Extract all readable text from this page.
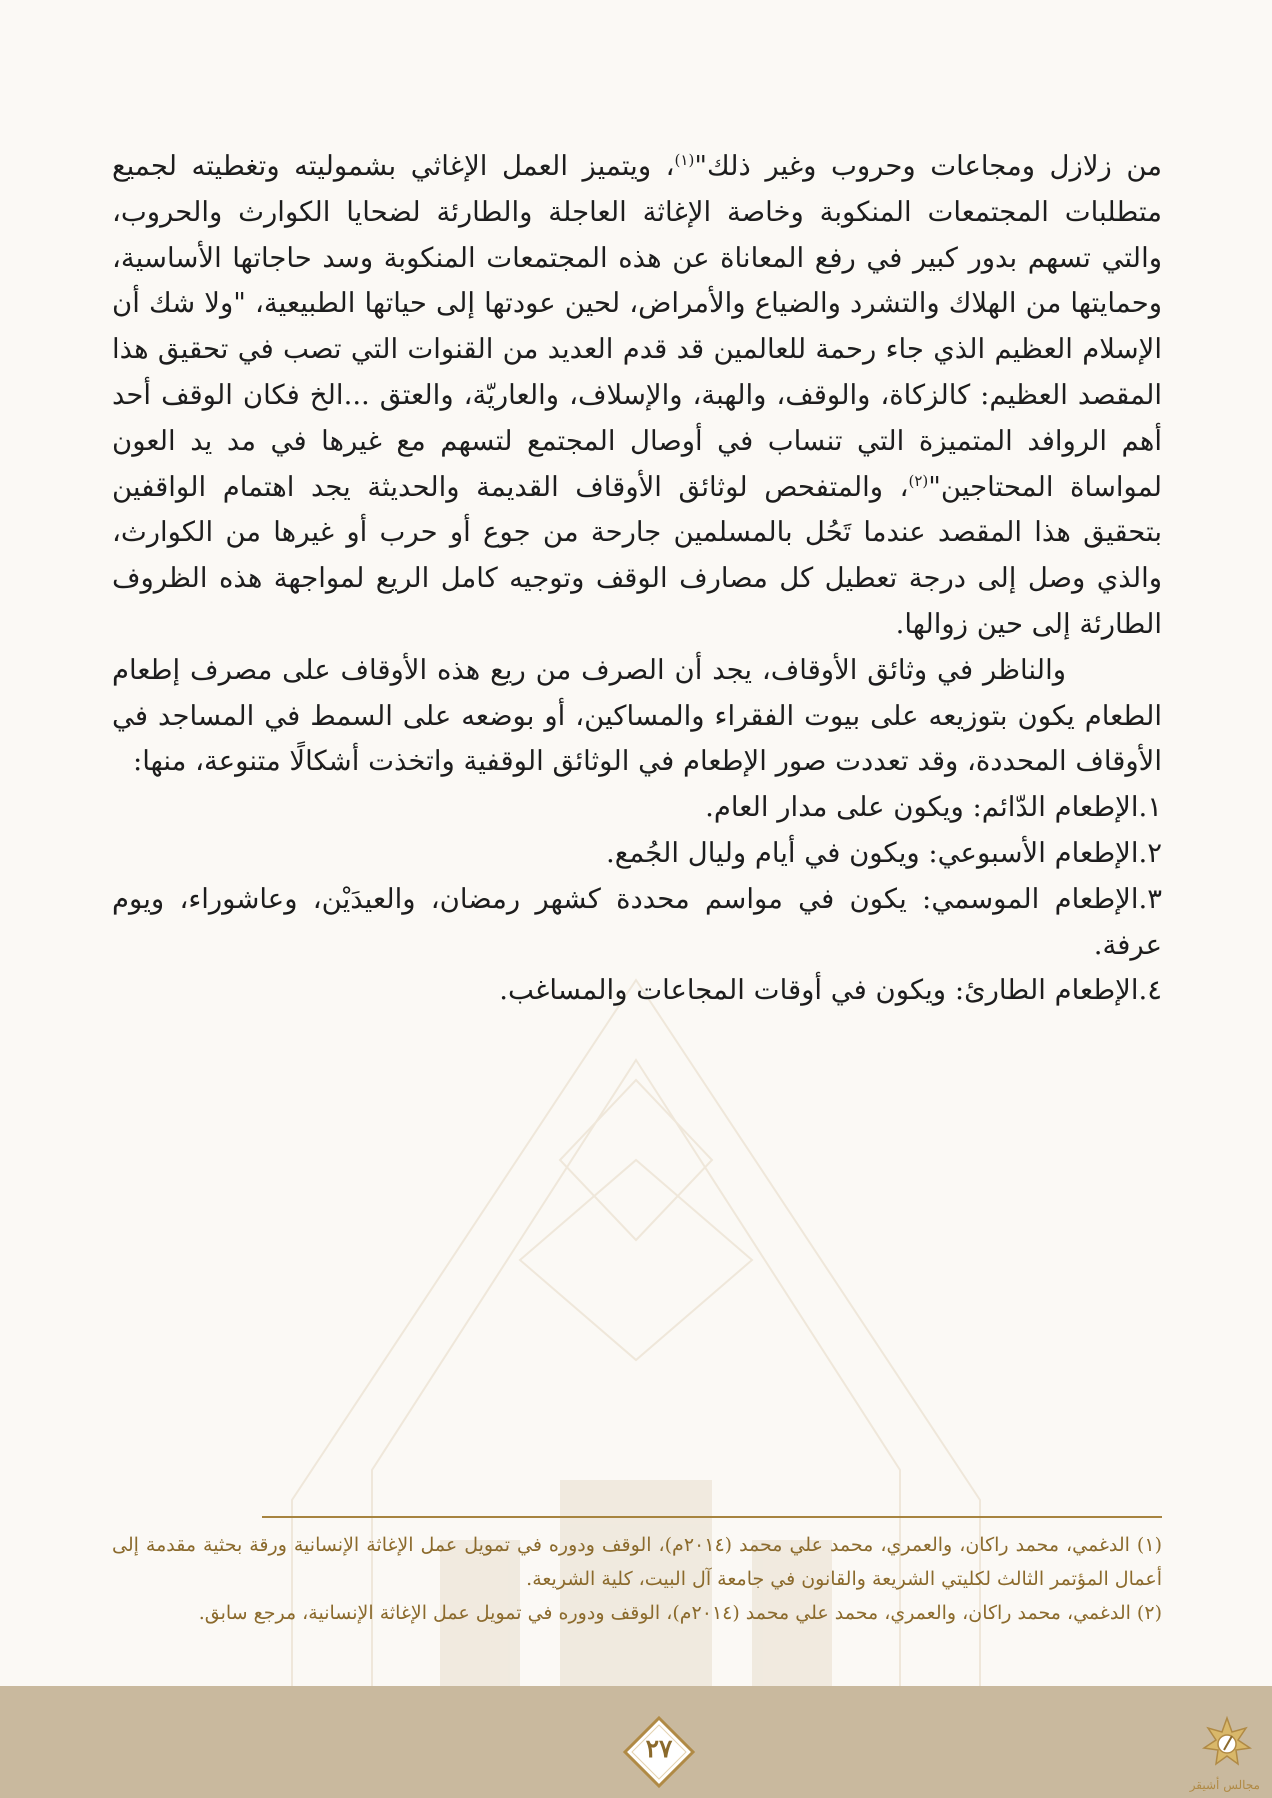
من زلازل ومجاعات وحروب وغير ذلك"$^{(١)}$، ويتميز العمل الإغاثي بشموليته وتغطيته لجميع متطلبات المجتمعات المنكوبة وخاصة الإغاثة العاجلة والطارئة لضحايا الكوارث والحروب، والتي تسهم بدور كبير في رفع المعاناة عن هذه المجتمعات المنكوبة وسد حاجاتها الأساسية، وحمايتها من الهلاك والتشرد والضياع والأمراض، لحين عودتها إلى حياتها الطبيعية، "ولا شك أن الإسلام العظيم الذي جاء رحمة للعالمين قد قدم العديد من القنوات التي تصب في تحقيق هذا المقصد العظيم: كالزكاة، والوقف، والهبة، والإسلاف، والعاريّة، والعتق ...الخ فكان الوقف أحد أهم الروافد المتميزة التي تنساب في أوصال المجتمع لتسهم مع غيرها في مد يد العون لمواساة المحتاجين"$^{(٢)}$، والمتفحص لوثائق الأوقاف القديمة والحديثة يجد اهتمام الواقفين بتحقيق هذا المقصد عندما تَحُل بالمسلمين جارحة من جوع أو حرب أو غيرها من الكوارث، والذي وصل إلى درجة تعطيل كل مصارف الوقف وتوجيه كامل الريع لمواجهة هذه الظروف الطارئة إلى حين زوالها.

والناظر في وثائق الأوقاف، يجد أن الصرف من ريع هذه الأوقاف على مصرف إطعام الطعام يكون بتوزيعه على بيوت الفقراء والمساكين، أو بوضعه على السمط في المساجد في الأوقاف المحددة، وقد تعددت صور الإطعام في الوثائق الوقفية واتخذت أشكالًا متنوعة، منها:

١.الإطعام الدّائم: ويكون على مدار العام.
٢.الإطعام الأسبوعي: ويكون في أيام وليال الجُمع.
٣.الإطعام الموسمي: يكون في مواسم محددة كشهر رمضان، والعيدَيْن، وعاشوراء، ويوم عرفة.
٤.الإطعام الطارئ: ويكون في أوقات المجاعات والمساغب.

(١) الدغمي، محمد راكان، والعمري، محمد علي محمد (٢٠١٤م)، الوقف ودوره في تمويل عمل الإغاثة الإنسانية ورقة بحثية مقدمة إلى أعمال المؤتمر الثالث لكليتي الشريعة والقانون في جامعة آل البيت، كلية الشريعة.

(٢) الدغمي، محمد راكان، والعمري، محمد علي محمد (٢٠١٤م)، الوقف ودوره في تمويل عمل الإغاثة الإنسانية، مرجع سابق.

٢٧
مجالس أشيقر
